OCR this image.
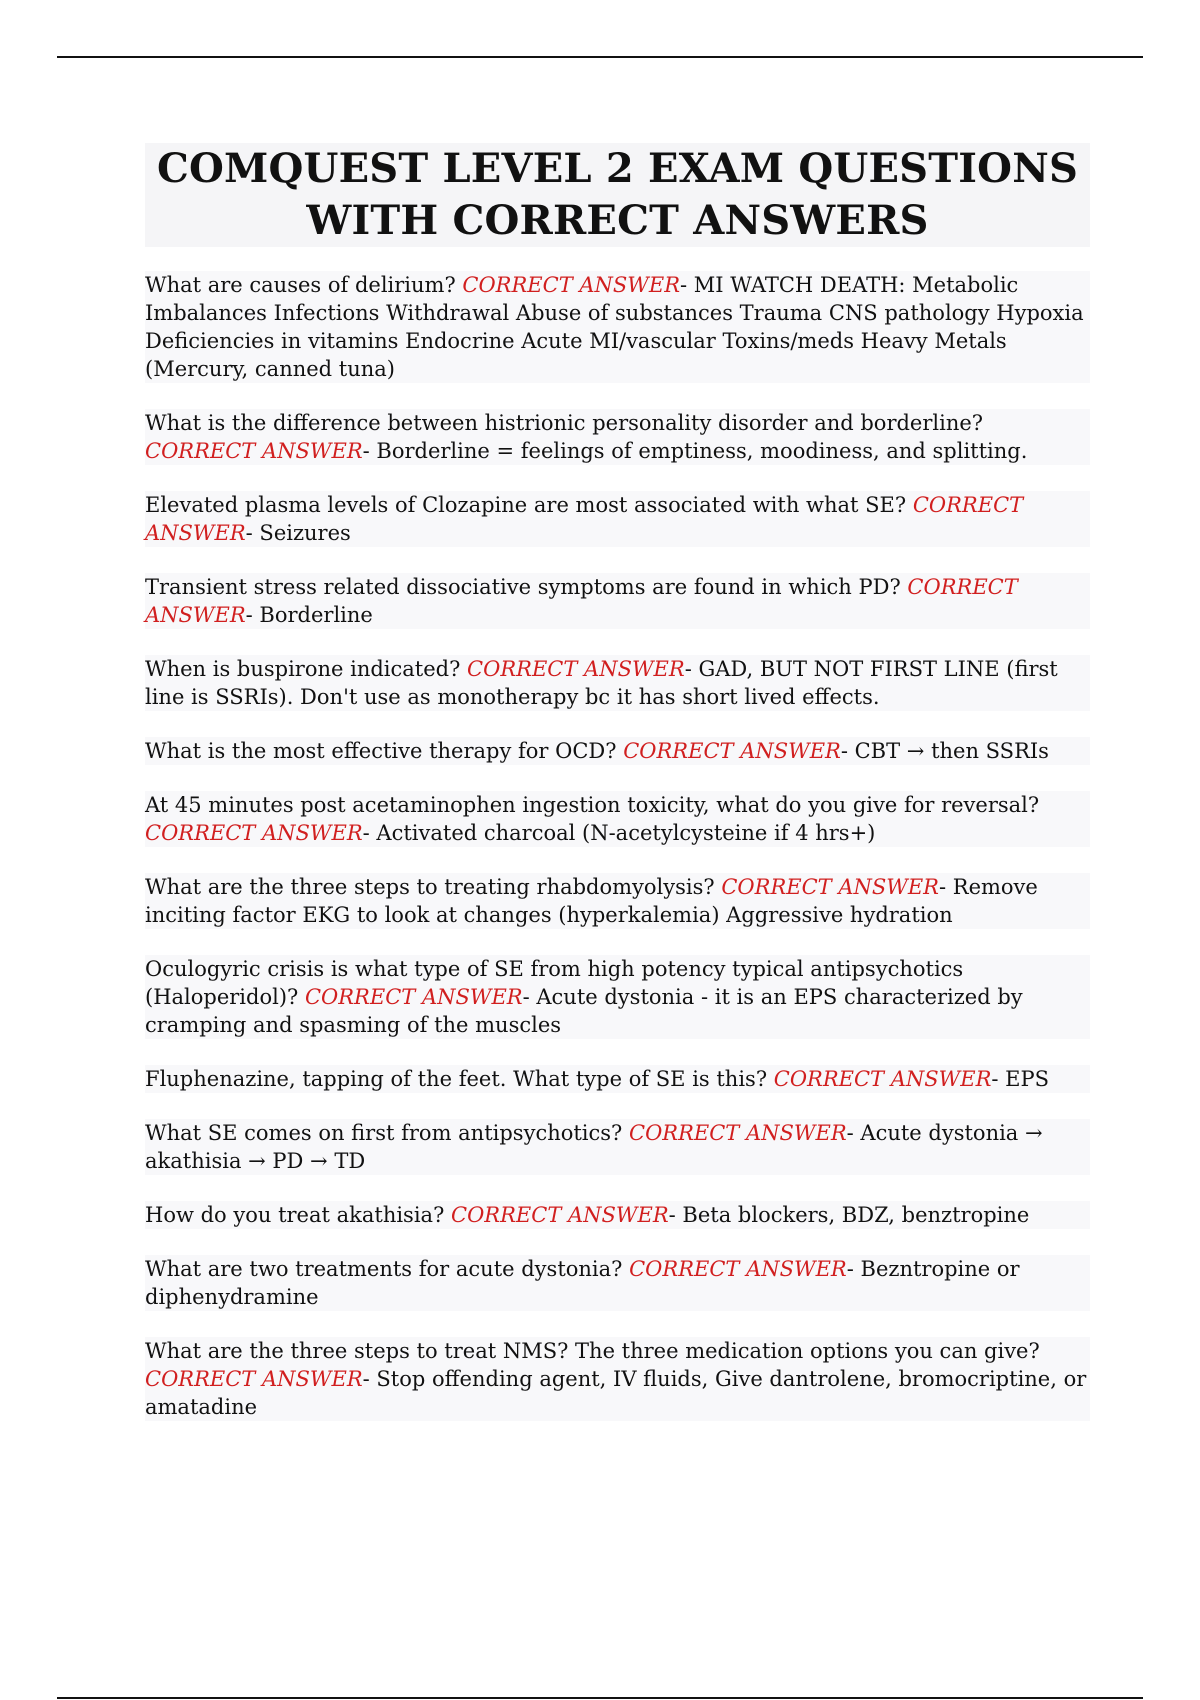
COMQUEST LEVEL 2 EXAM QUESTIONS WITH CORRECT ANSWERS

What are causes of delirium? CORRECT ANSWER- MI WATCH DEATH: Metabolic Imbalances Infections Withdrawal Abuse of substances Trauma CNS pathology Hypoxia Deficiencies in vitamins Endocrine Acute MI/vascular Toxins/meds Heavy Metals (Mercury, canned tuna)

What is the difference between histrionic personality disorder and borderline? CORRECT ANSWER- Borderline = feelings of emptiness, moodiness, and splitting.

Elevated plasma levels of Clozapine are most associated with what SE? CORRECT ANSWER- Seizures

Transient stress related dissociative symptoms are found in which PD? CORRECT ANSWER- Borderline

When is buspirone indicated? CORRECT ANSWER- GAD, BUT NOT FIRST LINE (first line is SSRIs). Don't use as monotherapy bc it has short lived effects.

What is the most effective therapy for OCD? CORRECT ANSWER- CBT → then SSRIs

At 45 minutes post acetaminophen ingestion toxicity, what do you give for reversal? CORRECT ANSWER- Activated charcoal (N-acetylcysteine if 4 hrs+)

What are the three steps to treating rhabdomyolysis? CORRECT ANSWER- Remove inciting factor EKG to look at changes (hyperkalemia) Aggressive hydration

Oculogyric crisis is what type of SE from high potency typical antipsychotics (Haloperidol)? CORRECT ANSWER- Acute dystonia - it is an EPS characterized by cramping and spasming of the muscles

Fluphenazine, tapping of the feet. What type of SE is this? CORRECT ANSWER- EPS

What SE comes on first from antipsychotics? CORRECT ANSWER- Acute dystonia → akathisia → PD → TD

How do you treat akathisia? CORRECT ANSWER- Beta blockers, BDZ, benztropine

What are two treatments for acute dystonia? CORRECT ANSWER- Bezntropine or diphenydramine

What are the three steps to treat NMS? The three medication options you can give? CORRECT ANSWER- Stop offending agent, IV fluids, Give dantrolene, bromocriptine, or amatadine
